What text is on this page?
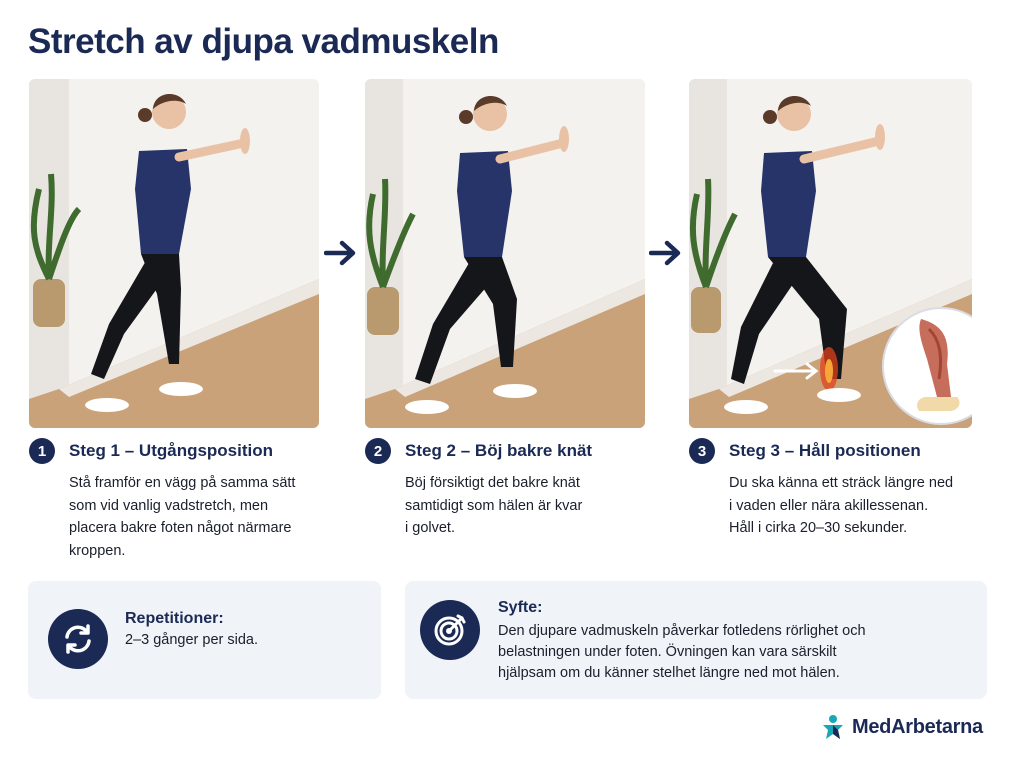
Stretch av djupa vadmuskeln
1	Steg 1 – Utgångsposition
Stå framför en vägg på samma sätt
som vid vanlig vadstretch, men
placera bakre foten något närmare
kroppen.
2	Steg 2 – Böj bakre knät
Böj försiktigt det bakre knät
samtidigt som hälen är kvar
i golvet.
3	Steg 3 – Håll positionen
Du ska känna ett sträck längre ned
i vaden eller nära akillessenan.
Håll i cirka 20–30 sekunder.
Repetitioner:
2–3 gånger per sida.
Syfte:
Den djupare vadmuskeln påverkar fotledens rörlighet och
belastningen under foten. Övningen kan vara särskilt
hjälpsam om du känner stelhet längre ned mot hälen.
MedArbetarna
